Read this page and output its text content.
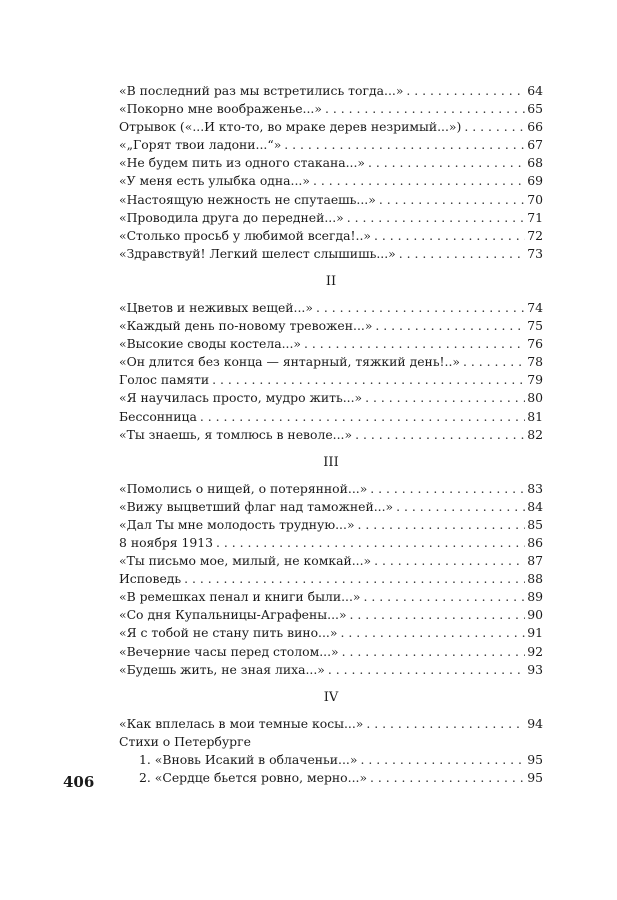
«В последний раз мы встретились тогда...» . . .	64
«Покорно мне воображенье...» . . .	65
Отрывок («...И кто-то, во мраке дерев незримый...») . . .	66
«„Горят твои ладони...“» . . .	67
«Не будем пить из одного стакана...» . . .	68
«У меня есть улыбка одна...» . . .	69
«Настоящую нежность не спутаешь...» . . .	70
«Проводила друга до передней...» . . .	71
«Столько просьб у любимой всегда!..» . . .	72
«Здравствуй! Легкий шелест слышишь...» . . .	73
II
«Цветов и неживых вещей...» . . .	74
«Каждый день по-новому тревожен...» . . .	75
«Высокие своды костела...» . . .	76
«Он длится без конца — янтарный, тяжкий день!..» . . .	78
Голос памяти . . .	79
«Я научилась просто, мудро жить...» . . .	80
Бессонница . . .	81
«Ты знаешь, я томлюсь в неволе...» . . .	82
III
«Помолись о нищей, о потерянной...» . . .	83
«Вижу выцветший флаг над таможней...» . . .	84
«Дал Ты мне молодость трудную...» . . .	85
8 ноября 1913 . . .	86
«Ты письмо мое, милый, не комкай...» . . .	87
Исповедь . . .	88
«В ремешках пенал и книги были...» . . .	89
«Со дня Купальницы-Аграфены...» . . .	90
«Я с тобой не стану пить вино...» . . .	91
«Вечерние часы перед столом...» . . .	92
«Будешь жить, не зная лиха...» . . .	93
IV
«Как вплелась в мои темные косы...» . . .	94
Стихи о Петербурге
1. «Вновь Исакий в облаченьи...» . . .	95
2. «Сердце бьется ровно, мерно...» . . .	95
406
